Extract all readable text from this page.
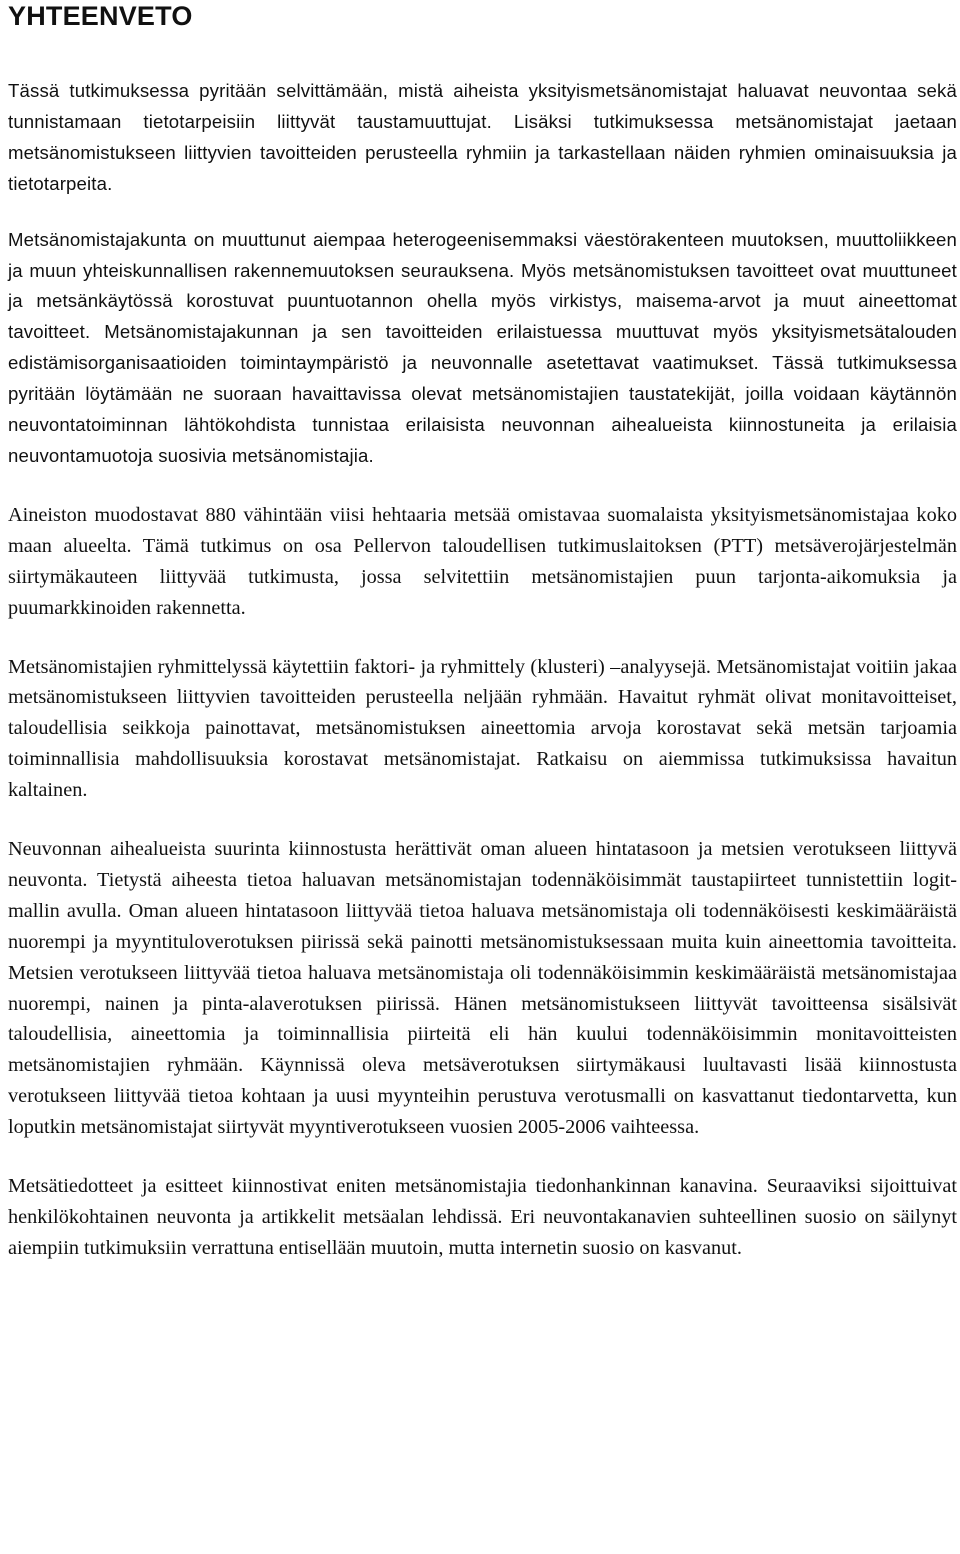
YHTEENVETO

Tässä tutkimuksessa pyritään selvittämään, mistä aiheista yksityismetsänomistajat haluavat neuvontaa sekä tunnistamaan tietotarpeisiin liittyvät taustamuuttujat. Lisäksi tutkimuksessa metsänomistajat jaetaan metsänomistukseen liittyvien tavoitteiden perusteella ryhmiin ja tarkastellaan näiden ryhmien ominaisuuksia ja tietotarpeita.

Metsänomistajakunta on muuttunut aiempaa heterogeenisemmaksi väestörakenteen muutoksen, muuttoliikkeen ja muun yhteiskunnallisen rakennemuutoksen seurauksena. Myös metsänomistuksen tavoitteet ovat muuttuneet ja metsänkäytössä korostuvat puuntuotannon ohella myös virkistys, maisema-arvot ja muut aineettomat tavoitteet. Metsänomistajakunnan ja sen tavoitteiden erilaistuessa muuttuvat myös yksityismetsätalouden edistämisorganisaatioiden toimintaympäristö ja neuvonnalle asetettavat vaatimukset. Tässä tutkimuksessa pyritään löytämään ne suoraan havaittavissa olevat metsänomistajien taustatekijät, joilla voidaan käytännön neuvontatoiminnan lähtökohdista tunnistaa erilaisista neuvonnan aihealueista kiinnostuneita ja erilaisia neuvontamuotoja suosivia metsänomistajia.

Aineiston muodostavat 880 vähintään viisi hehtaaria metsää omistavaa suomalaista yksityismetsänomistajaa koko maan alueelta. Tämä tutkimus on osa Pellervon taloudellisen tutkimuslaitoksen (PTT) metsäverojärjestelmän siirtymäkauteen liittyvää tutkimusta, jossa selvitettiin metsänomistajien puun tarjonta-aikomuksia ja puumarkkinoiden rakennetta.

Metsänomistajien ryhmittelyssä käytettiin faktori- ja ryhmittely (klusteri) –analyysejä. Metsänomistajat voitiin jakaa metsänomistukseen liittyvien tavoitteiden perusteella neljään ryhmään. Havaitut ryhmät olivat monitavoitteiset, taloudellisia seikkoja painottavat, metsänomistuksen aineettomia arvoja korostavat sekä metsän tarjoamia toiminnallisia mahdollisuuksia korostavat metsänomistajat. Ratkaisu on aiemmissa tutkimuksissa havaitun kaltainen.

Neuvonnan aihealueista suurinta kiinnostusta herättivät oman alueen hintatasoon ja metsien verotukseen liittyvä neuvonta. Tietystä aiheesta tietoa haluavan metsänomistajan todennäköisimmät taustapiirteet tunnistettiin logit-mallin avulla. Oman alueen hintatasoon liittyvää tietoa haluava metsänomistaja oli todennäköisesti keskimääräistä nuorempi ja myyntituloverotuksen piirissä sekä painotti metsänomistuksessaan muita kuin aineettomia tavoitteita. Metsien verotukseen liittyvää tietoa haluava metsänomistaja oli todennäköisimmin keskimääräistä metsänomistajaa nuorempi, nainen ja pinta-alaverotuksen piirissä. Hänen metsänomistukseen liittyvät tavoitteensa sisälsivät taloudellisia, aineettomia ja toiminnallisia piirteitä eli hän kuului todennäköisimmin monitavoitteisten metsänomistajien ryhmään. Käynnissä oleva metsäverotuksen siirtymäkausi luultavasti lisää kiinnostusta verotukseen liittyvää tietoa kohtaan ja uusi myynteihin perustuva verotusmalli on kasvattanut tiedontarvetta, kun loputkin metsänomistajat siirtyvät myyntiverotukseen vuosien 2005-2006 vaihteessa.

Metsätiedotteet ja esitteet kiinnostivat eniten metsänomistajia tiedonhankinnan kanavina. Seuraaviksi sijoittuivat henkilökohtainen neuvonta ja artikkelit metsäalan lehdissä. Eri neuvontakanavien suhteellinen suosio on säilynyt aiempiin tutkimuksiin verrattuna entisellään muutoin, mutta internetin suosio on kasvanut.
